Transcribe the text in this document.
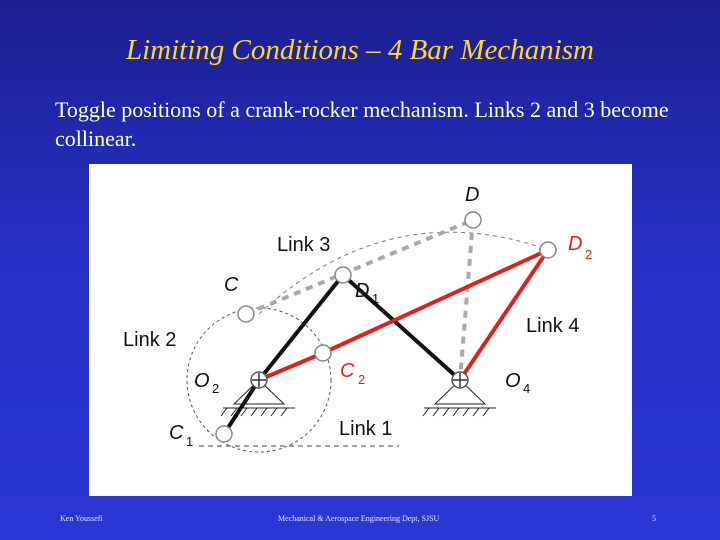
Limiting Conditions – 4 Bar Mechanism
Toggle positions of a crank-rocker mechanism. Links 2 and 3 become collinear.
D
D 1
D 2
C
C 1
C 2
O 2	O 4
Link 1
Link 2
Link 3
Link 4
Ken Youssefi	Mechanical & Aerospace Engineering Dept, SJSU	5
